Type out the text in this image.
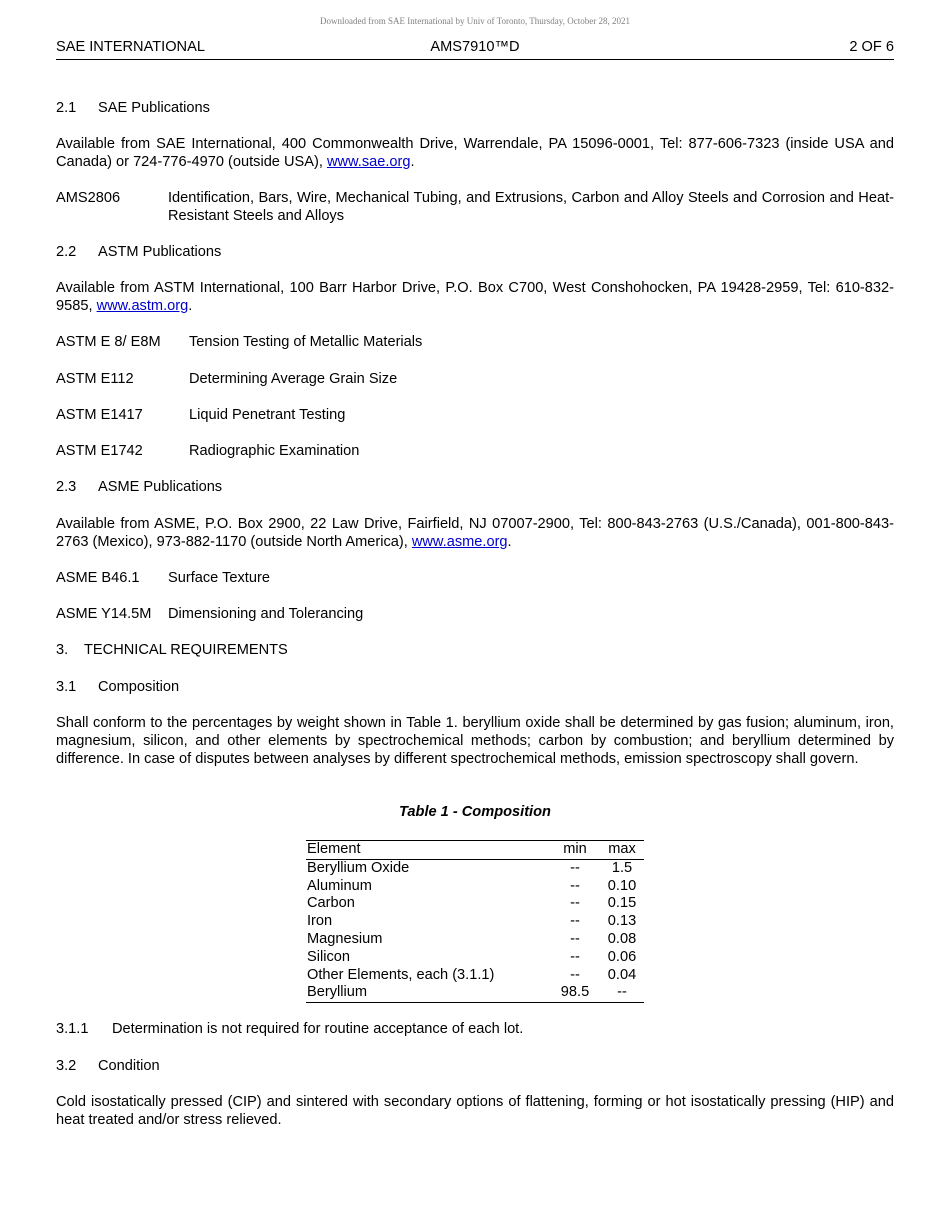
Downloaded from SAE International by Univ of Toronto, Thursday, October 28, 2021
SAE INTERNATIONAL	AMS7910™D	2 OF 6
2.1 SAE Publications
Available from SAE International, 400 Commonwealth Drive, Warrendale, PA 15096-0001, Tel: 877-606-7323 (inside USA and Canada) or 724-776-4970 (outside USA), www.sae.org.
AMS2806	Identification, Bars, Wire, Mechanical Tubing, and Extrusions, Carbon and Alloy Steels and Corrosion and Heat-Resistant Steels and Alloys
2.2 ASTM Publications
Available from ASTM International, 100 Barr Harbor Drive, P.O. Box C700, West Conshohocken, PA 19428-2959, Tel: 610-832-9585, www.astm.org.
ASTM E 8/ E8M Tension Testing of Metallic Materials
ASTM E112	Determining Average Grain Size
ASTM E1417	Liquid Penetrant Testing
ASTM E1742	Radiographic Examination
2.3 ASME Publications
Available from ASME, P.O. Box 2900, 22 Law Drive, Fairfield, NJ 07007-2900, Tel: 800-843-2763 (U.S./Canada), 001-800-843-2763 (Mexico), 973-882-1170 (outside North America), www.asme.org.
ASME B46.1 Surface Texture
ASME Y14.5M Dimensioning and Tolerancing
3. TECHNICAL REQUIREMENTS
3.1 Composition
Shall conform to the percentages by weight shown in Table 1. beryllium oxide shall be determined by gas fusion; aluminum, iron, magnesium, silicon, and other elements by spectrochemical methods; carbon by combustion; and beryllium determined by difference. In case of disputes between analyses by different spectrochemical methods, emission spectroscopy shall govern.
Table 1 - Composition
Element	min	max
Beryllium Oxide	--	1.5
Aluminum	--	0.10
Carbon	--	0.15
Iron	--	0.13
Magnesium	--	0.08
Silicon	--	0.06
Other Elements, each (3.1.1)	--	0.04
Beryllium	98.5	--
3.1.1 Determination is not required for routine acceptance of each lot.
3.2 Condition
Cold isostatically pressed (CIP) and sintered with secondary options of flattening, forming or hot isostatically pressing (HIP) and heat treated and/or stress relieved.
